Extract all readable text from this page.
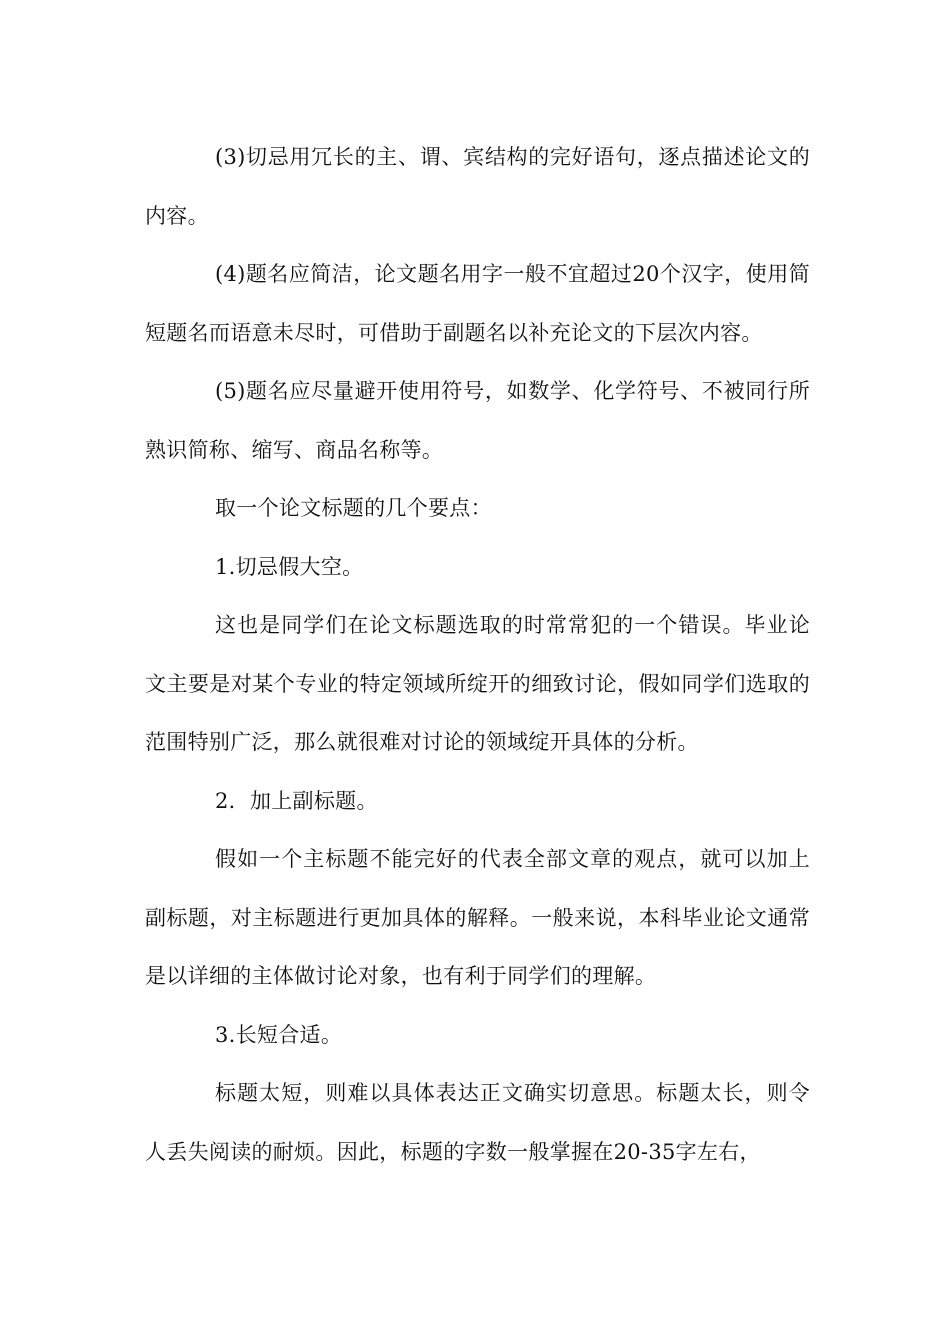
(3)切忌用冗长的主、谓、宾结构的完好语句，逐点描述论文的内容。

(4)题名应简洁，论文题名用字一般不宜超过20个汉字，使用简短题名而语意未尽时，可借助于副题名以补充论文的下层次内容。

(5)题名应尽量避开使用符号，如数学、化学符号、不被同行所熟识简称、缩写、商品名称等。

取一个论文标题的几个要点：

1.切忌假大空。

这也是同学们在论文标题选取的时常常犯的一个错误。毕业论文主要是对某个专业的特定领域所绽开的细致讨论，假如同学们选取的范围特别广泛，那么就很难对讨论的领域绽开具体的分析。

2．加上副标题。

假如一个主标题不能完好的代表全部文章的观点，就可以加上副标题，对主标题进行更加具体的解释。一般来说，本科毕业论文通常是以详细的主体做讨论对象，也有利于同学们的理解。

3.长短合适。

标题太短，则难以具体表达正文确实切意思。标题太长，则令人丢失阅读的耐烦。因此，标题的字数一般掌握在20-35字左右，
